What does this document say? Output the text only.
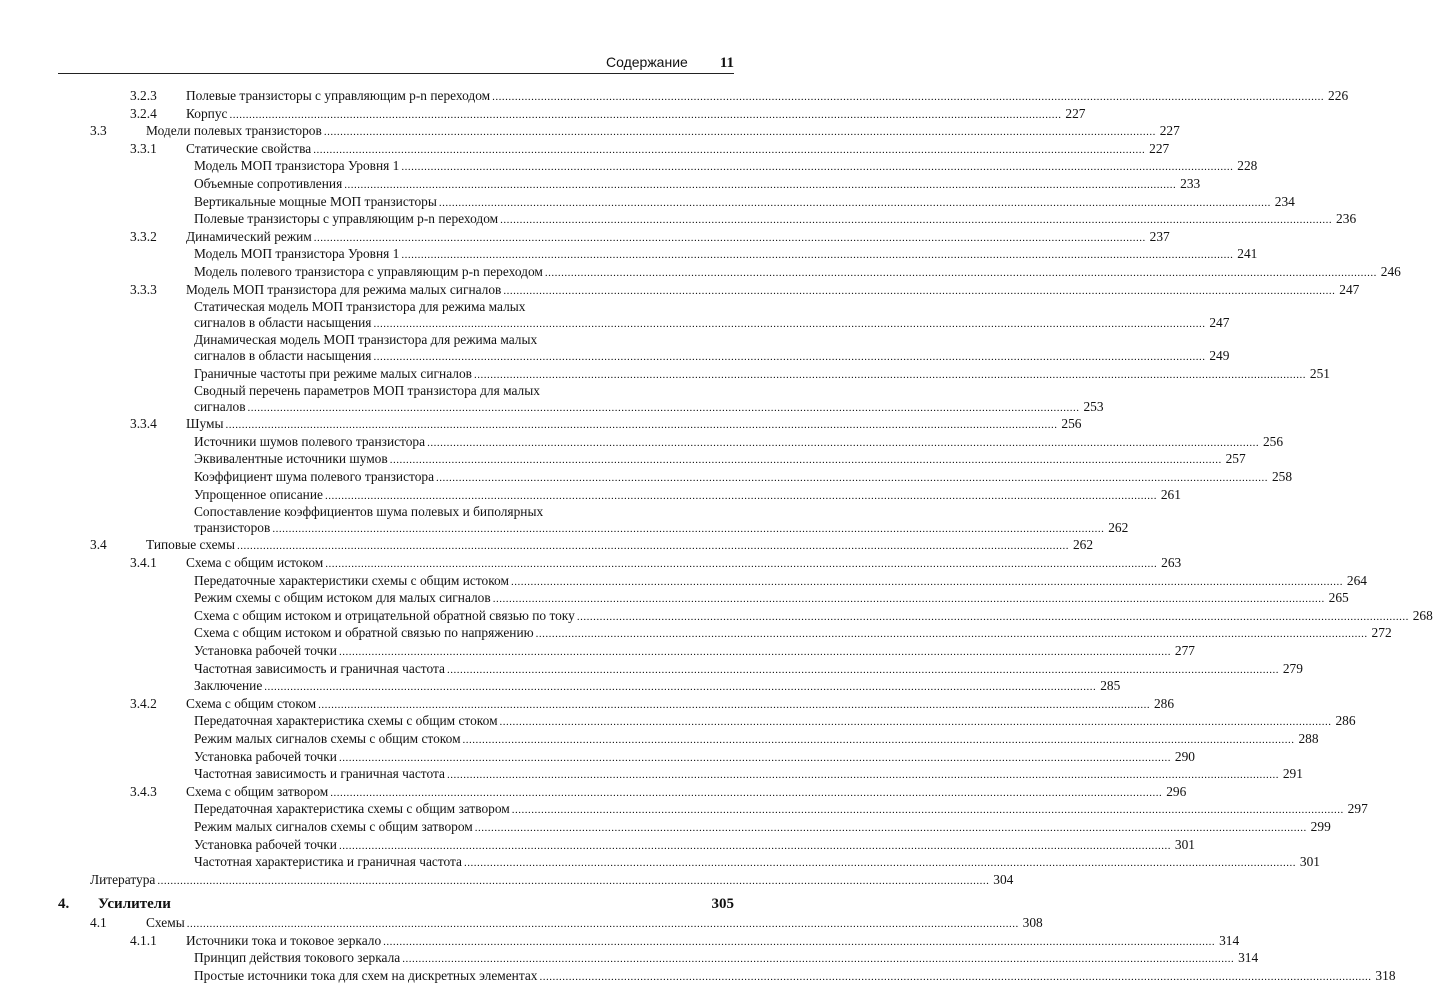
Содержание 11
3.2.3	Полевые транзисторы с управляющим p-n переходом .....	226
3.2.4	Корпус .....	227
3.3	Модели полевых транзисторов .....	227
3.3.1	Статические свойства .....	227
Модель МОП транзистора Уровня 1 .....	228
Объемные сопротивления .....	233
Вертикальные мощные МОП транзисторы .....	234
Полевые транзисторы с управляющим p-n переходом .....	236
3.3.2	Динамический режим .....	237
Модель МОП транзистора Уровня 1 .....	241
Модель полевого транзистора с управляющим p-n переходом .....	246
3.3.3	Модель МОП транзистора для режима малых сигналов .....	247
Статическая модель МОП транзистора для режима малых
сигналов в области насыщения .....	247
Динамическая модель МОП транзистора для режима малых
сигналов в области насыщения .....	249
Граничные частоты при режиме малых сигналов .....	251
Сводный перечень параметров МОП транзистора для малых
сигналов .....	253
3.3.4	Шумы .....	256
Источники шумов полевого транзистора .....	256
Эквивалентные источники шумов .....	257
Коэффициент шума полевого транзистора .....	258
Упрощенное описание .....	261
Сопоставление коэффициентов шума полевых и биполярных
транзисторов .....	262
3.4	Типовые схемы .....	262
3.4.1	Схема с общим истоком .....	263
Передаточные характеристики схемы с общим истоком .....	264
Режим схемы с общим истоком для малых сигналов .....	265
Схема с общим истоком и отрицательной обратной связью по току .....	268
Схема с общим истоком и обратной связью по напряжению .....	272
Установка рабочей точки .....	277
Частотная зависимость и граничная частота .....	279
Заключение .....	285
3.4.2	Схема с общим стоком .....	286
Передаточная характеристика схемы с общим стоком .....	286
Режим малых сигналов схемы с общим стоком .....	288
Установка рабочей точки .....	290
Частотная зависимость и граничная частота .....	291
3.4.3	Схема с общим затвором .....	296
Передаточная характеристика схемы с общим затвором .....	297
Режим малых сигналов схемы с общим затвором .....	299
Установка рабочей точки .....	301
Частотная характеристика и граничная частота .....	301
Литература .....	304
4.	Усилители	305
4.1	Схемы .....	308
4.1.1	Источники тока и токовое зеркало .....	314
Принцип действия токового зеркала .....	314
Простые источники тока для схем на дискретных элементах .....	318
